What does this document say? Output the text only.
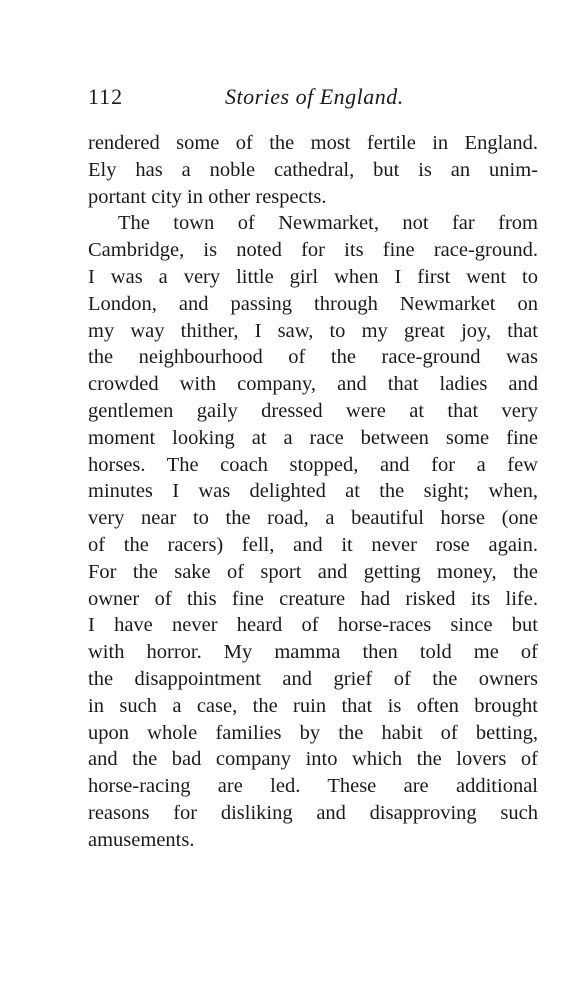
112	Stories of England.
rendered some of the most fertile in England.
Ely has a noble cathedral, but is an unim-
portant city in other respects.
The town of Newmarket, not far from
Cambridge, is noted for its fine race-ground.
I was a very little girl when I first went to
London, and passing through Newmarket on
my way thither, I saw, to my great joy, that
the neighbourhood of the race-ground was
crowded with company, and that ladies and
gentlemen gaily dressed were at that very
moment looking at a race between some fine
horses. The coach stopped, and for a few
minutes I was delighted at the sight; when,
very near to the road, a beautiful horse (one
of the racers) fell, and it never rose again.
For the sake of sport and getting money, the
owner of this fine creature had risked its life.
I have never heard of horse-races since but
with horror. My mamma then told me of
the disappointment and grief of the owners
in such a case, the ruin that is often brought
upon whole families by the habit of betting,
and the bad company into which the lovers of
horse-racing are led. These are additional
reasons for disliking and disapproving such
amusements.
